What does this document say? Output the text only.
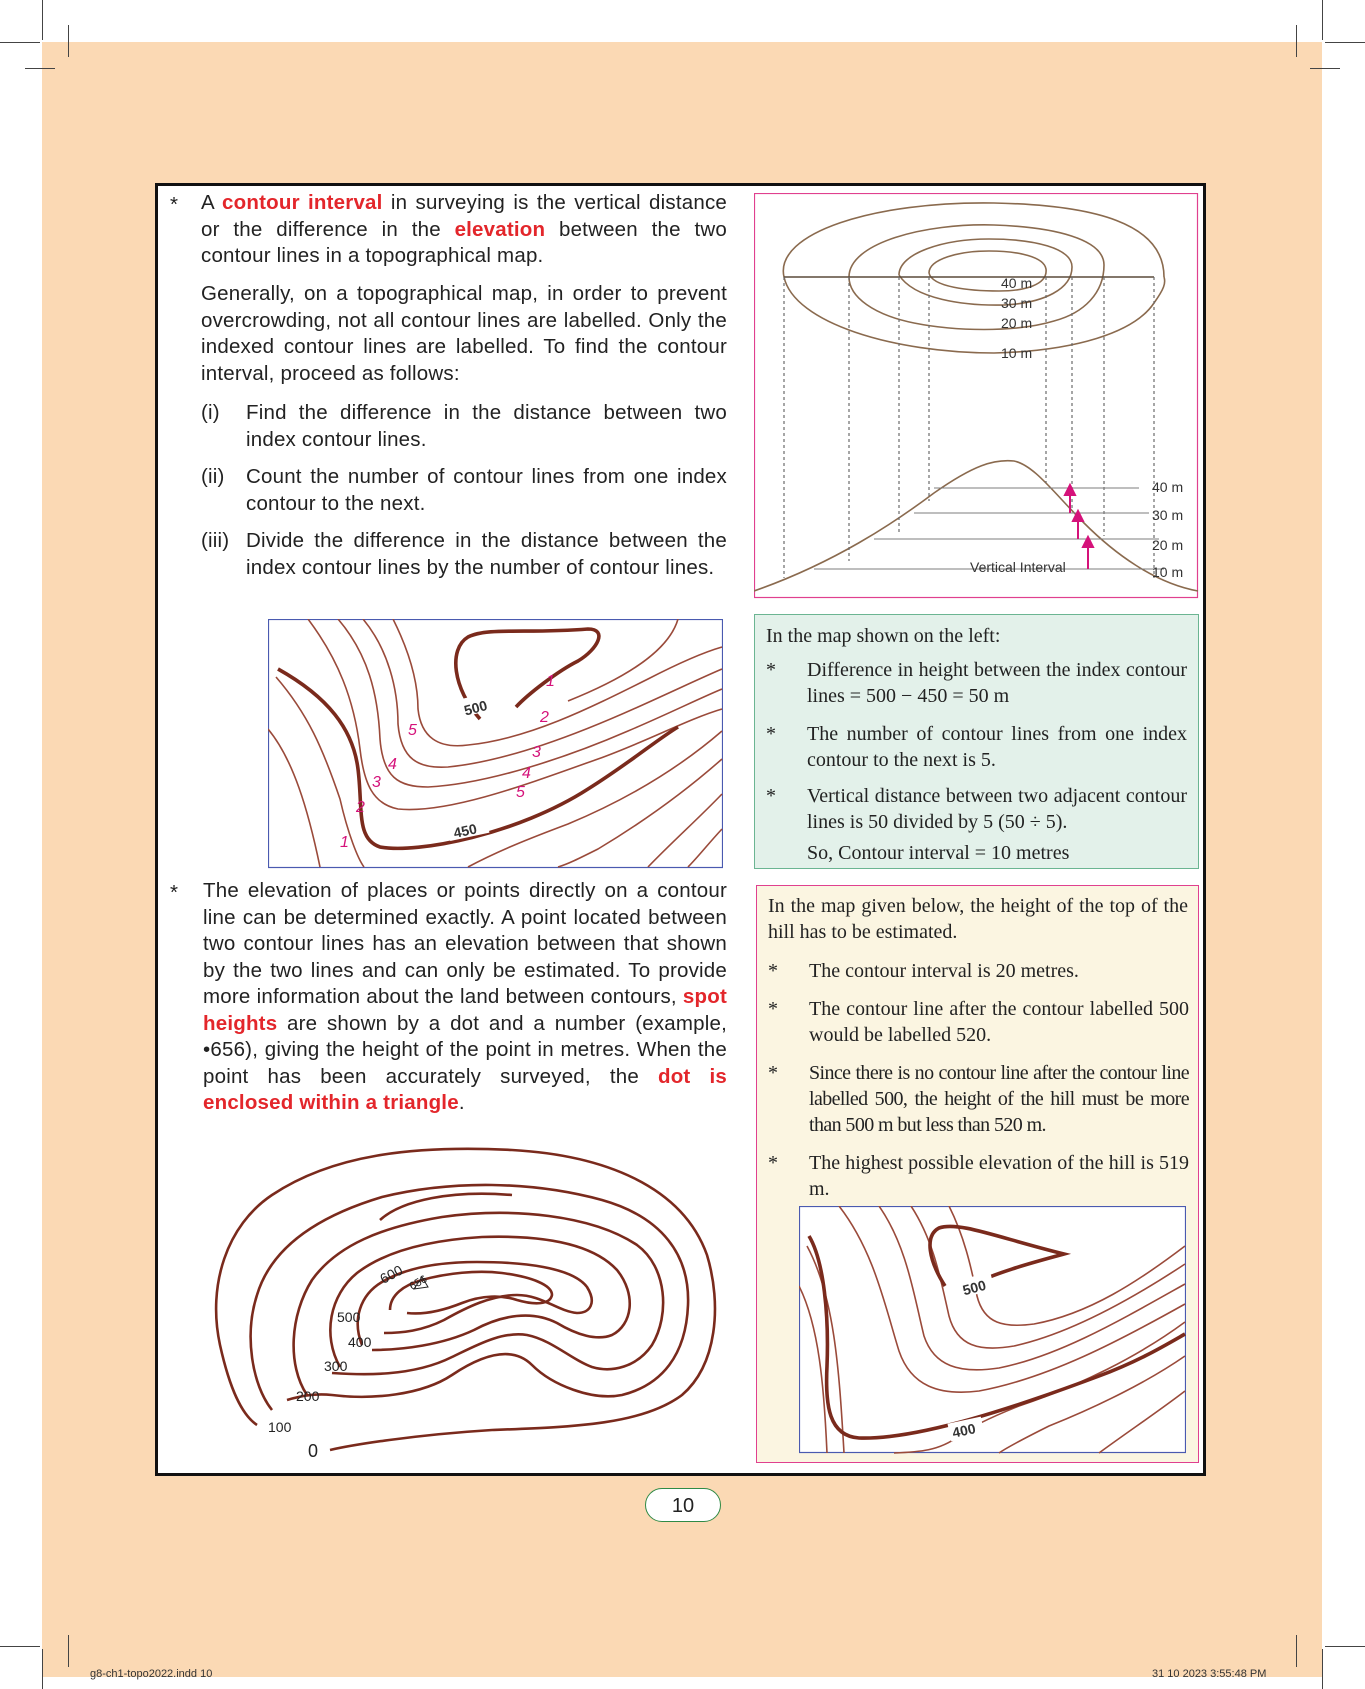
* A contour interval in surveying is the vertical distance or the difference in the elevation between the two contour lines in a topographical map.
Generally, on a topographical map, in order to prevent overcrowding, not all contour lines are labelled. Only the indexed contour lines are labelled. To find the contour interval, proceed as follows:
(i) Find the difference in the distance between two index contour lines.
(ii) Count the number of contour lines from one index contour to the next.
(iii) Divide the difference in the distance between the index contour lines by the number of contour lines.
* The elevation of places or points directly on a contour line can be determined exactly. A point located between two contour lines has an elevation between that shown by the two lines and can only be estimated. To provide more information about the land between contours, spot heights are shown by a dot and a number (example, •656), giving the height of the point in metres. When the point has been accurately surveyed, the dot is enclosed within a triangle.
500
450
1
2
3
4
5
1
2
3
4
5
600 656
500
400
300
200
100
0
40 m
30 m
20 m
10 m
40 m
30 m
20 m
10 m
Vertical Interval
In the map shown on the left:
* Difference in height between the index contour lines = 500 − 450 = 50 m
* The number of contour lines from one index contour to the next is 5.
* Vertical distance between two adjacent contour lines is 50 divided by 5 (50 ÷ 5).
So, Contour interval = 10 metres
In the map given below, the height of the top of the hill has to be estimated.
* The contour interval is 20 metres.
* The contour line after the contour labelled 500 would be labelled 520.
* Since there is no contour line after the contour line labelled 500, the height of the hill must be more than 500 m but less than 520 m.
* The highest possible elevation of the hill is 519 m.
500
400
10
g8-ch1-topo2022.indd 10	31 10 2023 3:55:48 PM
